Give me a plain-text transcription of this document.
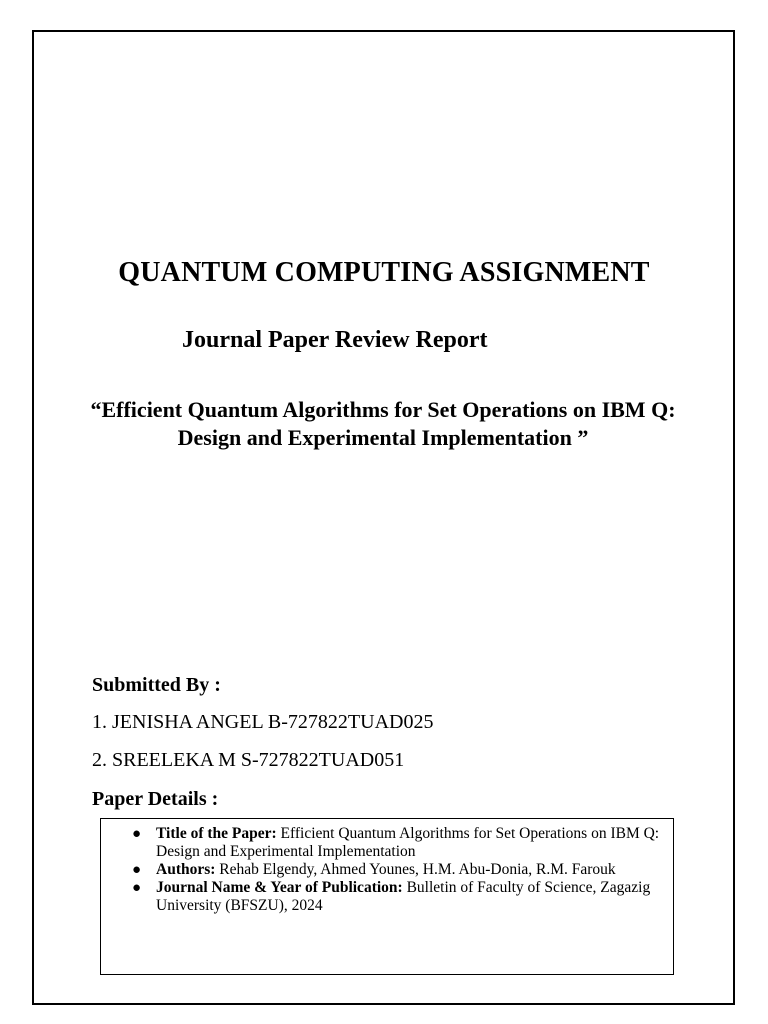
QUANTUM COMPUTING ASSIGNMENT
Journal Paper Review Report
“Efficient Quantum Algorithms for Set Operations on IBM Q: Design and Experimental Implementation ”
Submitted By :
1. JENISHA ANGEL B-727822TUAD025
2. SREELEKA M S-727822TUAD051
Paper Details :
● Title of the Paper: Efficient Quantum Algorithms for Set Operations on IBM Q: Design and Experimental Implementation
● Authors: Rehab Elgendy, Ahmed Younes, H.M. Abu-Donia, R.M. Farouk
● Journal Name & Year of Publication: Bulletin of Faculty of Science, Zagazig University (BFSZU), 2024
